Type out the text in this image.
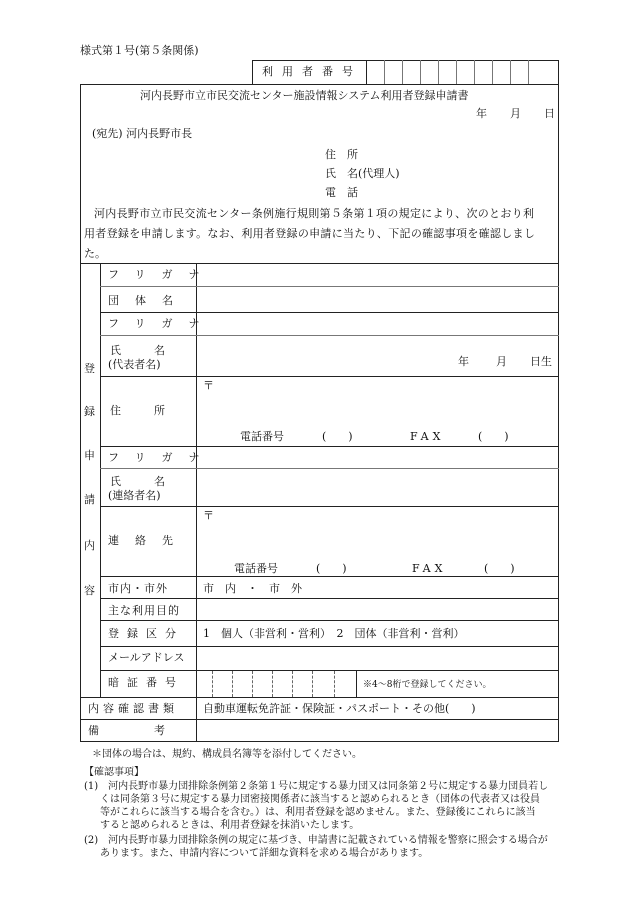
様式第１号(第５条関係)
利用者番号
河内長野市立市民交流センター施設情報システム利用者登録申請書
年 月 日
(宛先) 河内長野市長
住　所
氏　名(代理人)
電　話
河内長野市立市民交流センター条例施行規則第５条第１項の規定により、次のとおり利
用者登録を申請します。なお、利用者登録の申請に当たり、下記の確認事項を確認しまし
た。
登
録
申
請
内
容
フリガナ
団体名
フリガナ
氏　　　名
(代表者名)	年 月 日生
住　　　所
〒
電話番号	(　　)	FAX	(　　)
フリガナ
氏　　　名
(連絡者名)
連絡先
〒
電話番号	(　　)	FAX	(　　)
市内・市外	市　内　・　市　外
主な利用目的
登録区分 1　個人（非営利・営利）　2　団体（非営利・営利）
メールアドレス
暗証番号	※4～8桁で登録してください。
内容確認書類 自動車運転免許証・保険証・パスポート・その他(　　)
備　　　　　考
＊団体の場合は、規約、構成員名簿等を添付してください。
【確認事項】
(1)　河内長野市暴力団排除条例第２条第１号に規定する暴力団又は同条第２号に規定する暴力団員若し
くは同条第３号に規定する暴力団密接関係者に該当すると認められるとき（団体の代表者又は役員
等がこれらに該当する場合を含む。）は、利用者登録を認めません。また、登録後にこれらに該当
すると認められるときは、利用者登録を抹消いたします。
(2)　河内長野市暴力団排除条例の規定に基づき、申請書に記載されている情報を警察に照会する場合が
あります。また、申請内容について詳細な資料を求める場合があります。
